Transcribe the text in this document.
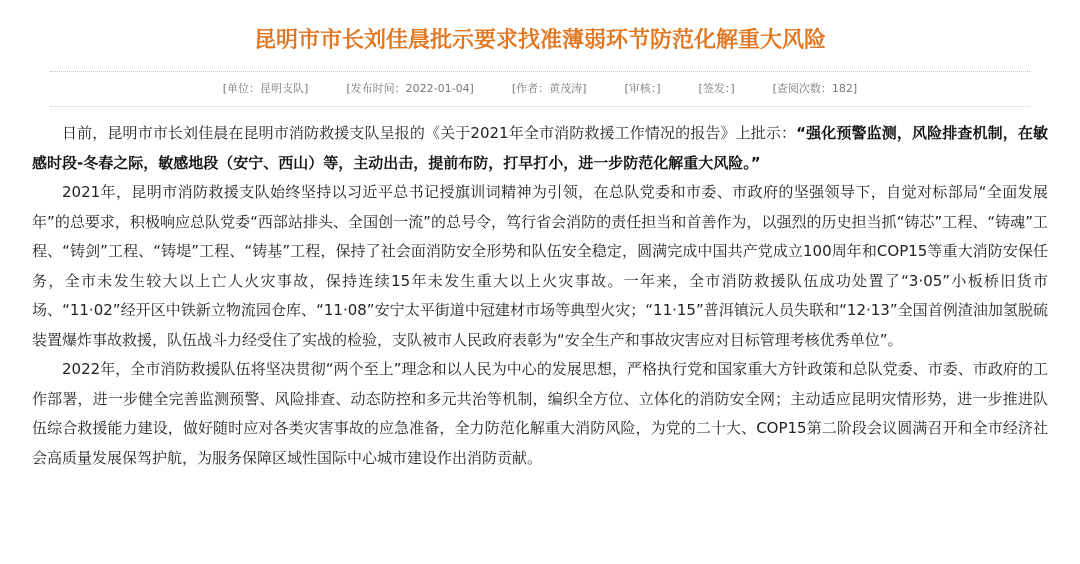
昆明市市长刘佳晨批示要求找准薄弱环节防范化解重大风险
[单位：昆明支队]	[发布时间：2022-01-04]	[作者：黄茂涛]	[审核：]	[签发：]	[查阅次数：182]

日前，昆明市市长刘佳晨在昆明市消防救援支队呈报的《关于2021年全市消防救援工作情况的报告》上批示：“强化预警监测，风险排查机制，在敏感时段-冬春之际，敏感地段（安宁、西山）等，主动出击，提前布防，打早打小，进一步防范化解重大风险。”

2021年，昆明市消防救援支队始终坚持以习近平总书记授旗训词精神为引领，在总队党委和市委、市政府的坚强领导下，自觉对标部局“全面发展年”的总要求，积极响应总队党委“西部站排头、全国创一流”的总号令，笃行省会消防的责任担当和首善作为，以强烈的历史担当抓“铸芯”工程、“铸魂”工程、“铸剑”工程、“铸堤”工程、“铸基”工程，保持了社会面消防安全形势和队伍安全稳定，圆满完成中国共产党成立100周年和COP15等重大消防安保任务，全市未发生较大以上亡人火灾事故，保持连续15年未发生重大以上火灾事故。一年来，全市消防救援队伍成功处置了“3·05”小板桥旧货市场、“11·02”经开区中铁新立物流园仓库、“11·08”安宁太平街道中冠建材市场等典型火灾；“11·15”普洱镇沅人员失联和“12·13”全国首例渣油加氢脱硫装置爆炸事故救援，队伍战斗力经受住了实战的检验，支队被市人民政府表彰为“安全生产和事故灾害应对目标管理考核优秀单位”。

2022年，全市消防救援队伍将坚决贯彻“两个至上”理念和以人民为中心的发展思想，严格执行党和国家重大方针政策和总队党委、市委、市政府的工作部署，进一步健全完善监测预警、风险排查、动态防控和多元共治等机制，编织全方位、立体化的消防安全网；主动适应昆明灾情形势，进一步推进队伍综合救援能力建设，做好随时应对各类灾害事故的应急准备，全力防范化解重大消防风险，为党的二十大、COP15第二阶段会议圆满召开和全市经济社会高质量发展保驾护航，为服务保障区域性国际中心城市建设作出消防贡献。
